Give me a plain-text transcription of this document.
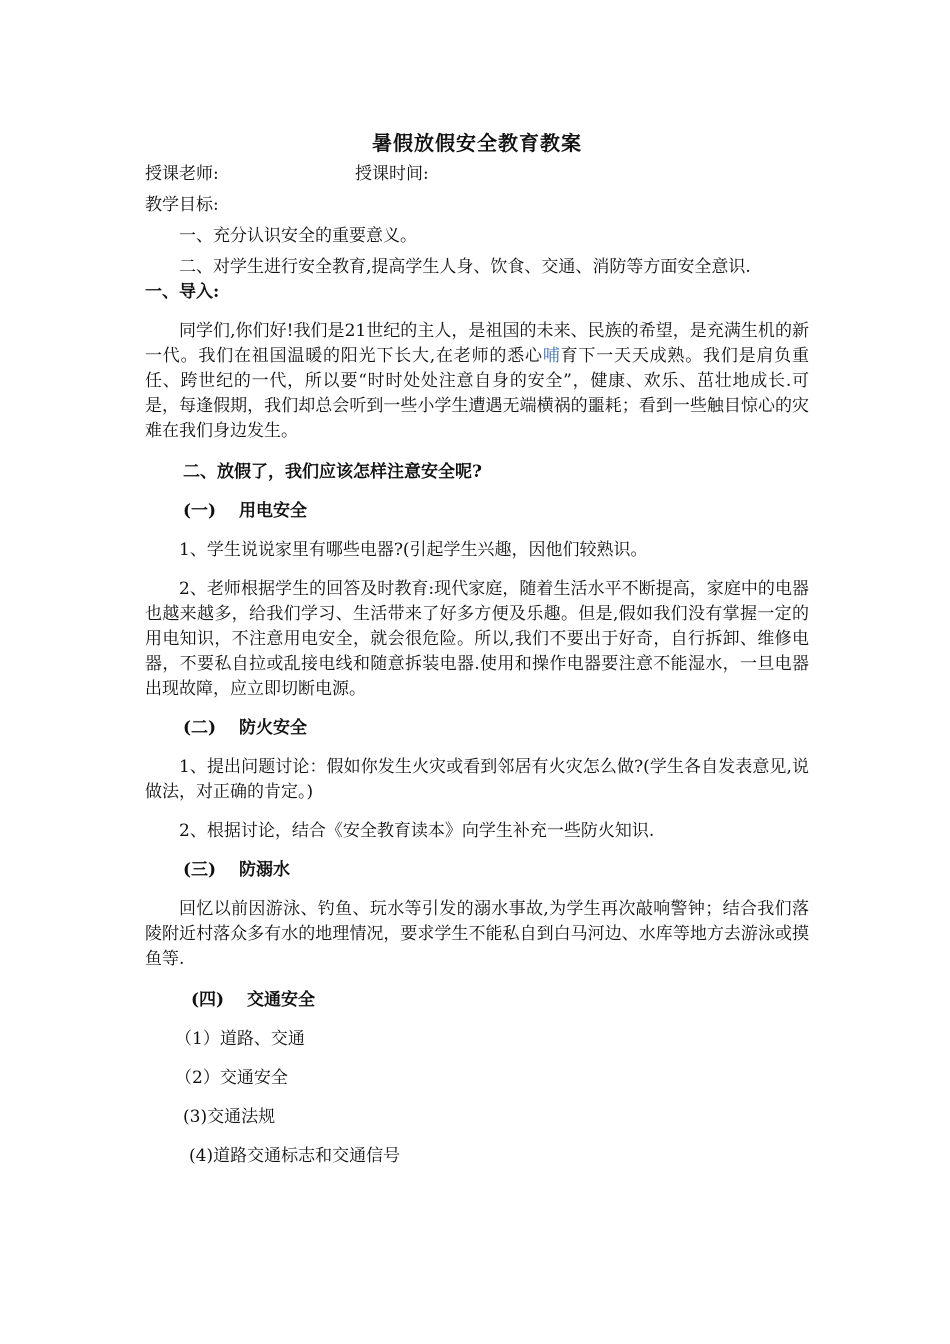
暑假放假安全教育教案
授课老师:	授课时间:

教学目标:

一、充分认识安全的重要意义。

二、对学生进行安全教育,提高学生人身、饮食、交通、消防等方面安全意识.

一、导入:

同学们,你们好!我们是21世纪的主人，是祖国的未来、民族的希望，是充满生机的新一代。我们在祖国温暖的阳光下长大,在老师的悉心哺育下一天天成熟。我们是肩负重任、跨世纪的一代，所以要“时时处处注意自身的安全”，健康、欢乐、茁壮地成长.可是，每逢假期，我们却总会听到一些小学生遭遇无端横祸的噩耗；看到一些触目惊心的灾难在我们身边发生。

二、放假了，我们应该怎样注意安全呢?

(一) 用电安全

1、学生说说家里有哪些电器?(引起学生兴趣，因他们较熟识。

2、老师根据学生的回答及时教育:现代家庭，随着生活水平不断提高，家庭中的电器也越来越多，给我们学习、生活带来了好多方便及乐趣。但是,假如我们没有掌握一定的用电知识，不注意用电安全，就会很危险。所以,我们不要出于好奇，自行拆卸、维修电器，不要私自拉或乱接电线和随意拆装电器.使用和操作电器要注意不能湿水，一旦电器出现故障，应立即切断电源。

(二) 防火安全

1、提出问题讨论：假如你发生火灾或看到邻居有火灾怎么做?(学生各自发表意见,说做法，对正确的肯定。)

2、根据讨论，结合《安全教育读本》向学生补充一些防火知识.

(三) 防溺水

回忆以前因游泳、钓鱼、玩水等引发的溺水事故,为学生再次敲响警钟；结合我们落陵附近村落众多有水的地理情况，要求学生不能私自到白马河边、水库等地方去游泳或摸鱼等.

(四) 交通安全

（1）道路、交通

（2）交通安全

(3)交通法规

(4)道路交通标志和交通信号
